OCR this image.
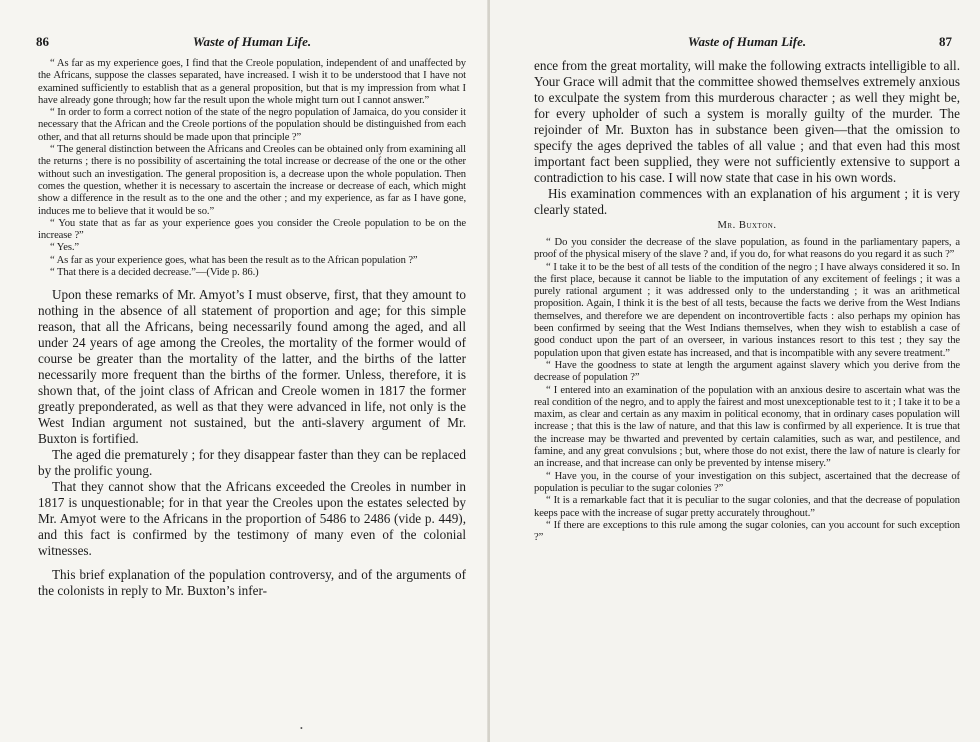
86	Waste of Human Life.

“ As far as my experience goes, I find that the Creole population, independent of and unaffected by the Africans, suppose the classes separated, have increased. I wish it to be understood that I have not examined sufficiently to establish that as a general proposition, but that is my impression from what I have already gone through; how far the result upon the whole might turn out I cannot answer.”

“ In order to form a correct notion of the state of the negro population of Jamaica, do you consider it necessary that the African and the Creole portions of the population should be distinguished from each other, and that all returns should be made upon that principle ?”

“ The general distinction between the Africans and Creoles can be obtained only from examining all the returns ; there is no possibility of ascertaining the total increase or decrease of the one or the other without such an investigation. The general proposition is, a decrease upon the whole population. Then comes the question, whether it is necessary to ascertain the increase or decrease of each, which might show a difference in the result as to the one and the other ; and my experience, as far as I have gone, induces me to believe that it would be so.”

“ You state that as far as your experience goes you consider the Creole population to be on the increase ?”

“ Yes.”

“ As far as your experience goes, what has been the result as to the African population ?”

“ That there is a decided decrease.”—(Vide p. 86.)

Upon these remarks of Mr. Amyot’s I must observe, first, that they amount to nothing in the absence of all statement of proportion and age; for this simple reason, that all the Africans, being necessarily found among the aged, and all under 24 years of age among the Creoles, the mortality of the former would of course be greater than the mortality of the latter, and the births of the latter necessarily more frequent than the births of the former. Unless, therefore, it is shown that, of the joint class of African and Creole women in 1817 the former greatly preponderated, as well as that they were advanced in life, not only is the West Indian argument not sustained, but the anti-slavery argument of Mr. Buxton is fortified.

The aged die prematurely ; for they disappear faster than they can be replaced by the prolific young.

That they cannot show that the Africans exceeded the Creoles in number in 1817 is unquestionable; for in that year the Creoles upon the estates selected by Mr. Amyot were to the Africans in the proportion of 5486 to 2486 (vide p. 449), and this fact is confirmed by the testimony of many even of the colonial witnesses.

This brief explanation of the population controversy, and of the arguments of the colonists in reply to Mr. Buxton’s infer-

Waste of Human Life.	87

ence from the great mortality, will make the following extracts intelligible to all. Your Grace will admit that the committee showed themselves extremely anxious to exculpate the system from this murderous character ; as well they might be, for every upholder of such a system is morally guilty of the murder. The rejoinder of Mr. Buxton has in substance been given—that the omission to specify the ages deprived the tables of all value ; and that even had this most important fact been supplied, they were not sufficiently extensive to support a contradiction to his case. I will now state that case in his own words.

His examination commences with an explanation of his argument ; it is very clearly stated.

Mr. Buxton.

“ Do you consider the decrease of the slave population, as found in the parliamentary papers, a proof of the physical misery of the slave ? and, if you do, for what reasons do you regard it as such ?”

“ I take it to be the best of all tests of the condition of the negro ; I have always considered it so. In the first place, because it cannot be liable to the imputation of any excitement of feelings ; it was a purely rational argument ; it was addressed only to the understanding ; it was an arithmetical proposition. Again, I think it is the best of all tests, because the facts we derive from the West Indians themselves, and therefore we are dependent on incontrovertible facts : also perhaps my opinion has been confirmed by seeing that the West Indians themselves, when they wish to establish a case of good conduct upon the part of an overseer, in various instances resort to this test ; they say the population upon that given estate has increased, and that is incompatible with any severe treatment.”

“ Have the goodness to state at length the argument against slavery which you derive from the decrease of population ?”

“ I entered into an examination of the population with an anxious desire to ascertain what was the real condition of the negro, and to apply the fairest and most unexceptionable test to it ; I take it to be a maxim, as clear and certain as any maxim in political economy, that in ordinary cases population will increase ; that this is the law of nature, and that this law is confirmed by all experience. It is true that the increase may be thwarted and prevented by certain calamities, such as war, and pestilence, and famine, and any great convulsions ; but, where those do not exist, there the law of nature is clearly for an increase, and that increase can only be prevented by intense misery.”

“ Have you, in the course of your investigation on this subject, ascertained that the decrease of population is peculiar to the sugar colonies ?”

“ It is a remarkable fact that it is peculiar to the sugar colonies, and that the decrease of population keeps pace with the increase of sugar pretty accurately throughout.”

“ If there are exceptions to this rule among the sugar colonies, can you account for such exception ?”

•
